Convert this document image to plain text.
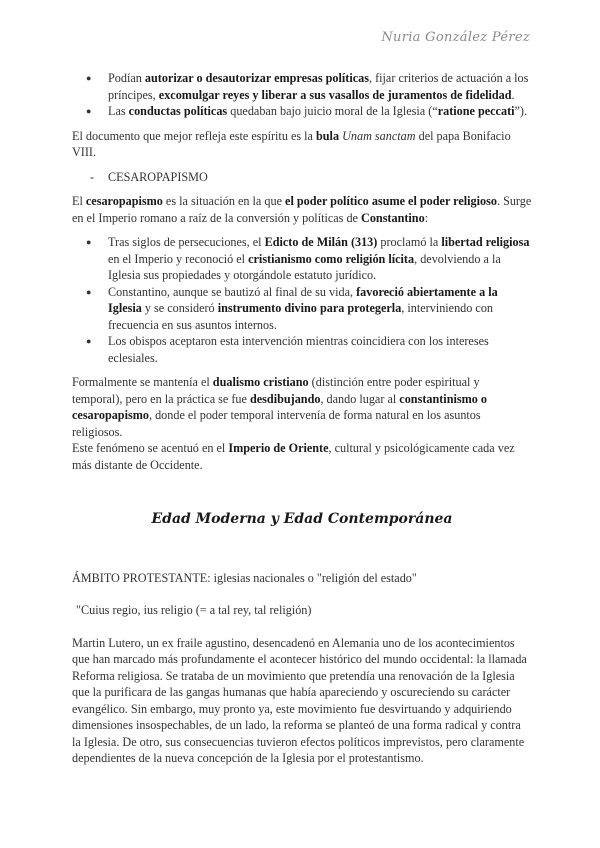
Nuria González Pérez
● Podían autorizar o desautorizar empresas políticas, fijar criterios de actuación a los príncipes, excomulgar reyes y liberar a sus vasallos de juramentos de fidelidad.
● Las conductas políticas quedaban bajo juicio moral de la Iglesia (“ratione peccati”).

El documento que mejor refleja este espíritu es la bula Unam sanctam del papa Bonifacio VIII.

- CESAROPAPISMO

El cesaropapismo es la situación en la que el poder político asume el poder religioso. Surge en el Imperio romano a raíz de la conversión y políticas de Constantino:

● Tras siglos de persecuciones, el Edicto de Milán (313) proclamó la libertad religiosa en el Imperio y reconoció el cristianismo como religión lícita, devolviendo a la Iglesia sus propiedades y otorgándole estatuto jurídico.
● Constantino, aunque se bautizó al final de su vida, favoreció abiertamente a la Iglesia y se consideró instrumento divino para protegerla, interviniendo con frecuencia en sus asuntos internos.
● Los obispos aceptaron esta intervención mientras coincidiera con los intereses eclesiales.

Formalmente se mantenía el dualismo cristiano (distinción entre poder espiritual y temporal), pero en la práctica se fue desdibujando, dando lugar al constantinismo o cesaropapismo, donde el poder temporal intervenía de forma natural en los asuntos religiosos.

Este fenómeno se acentuó en el Imperio de Oriente, cultural y psicológicamente cada vez más distante de Occidente.

Edad Moderna y Edad Contemporánea

ÁMBITO PROTESTANTE: iglesias nacionales o "religión del estado"

"Cuius regio, ius religio (= a tal rey, tal religión)

Martin Lutero, un ex fraile agustino, desencadenó en Alemania uno de los acontecimientos que han marcado más profundamente el acontecer histórico del mundo occidental: la llamada Reforma religiosa. Se trataba de un movimiento que pretendía una renovación de la Iglesia que la purificara de las gangas humanas que había apareciendo y oscureciendo su carácter evangélico. Sin embargo, muy pronto ya, este movimiento fue desvirtuando y adquiriendo dimensiones insospechables, de un lado, la reforma se planteó de una forma radical y contra la Iglesia. De otro, sus consecuencias tuvieron efectos políticos imprevistos, pero claramente dependientes de la nueva concepción de la Iglesia por el protestantismo.
